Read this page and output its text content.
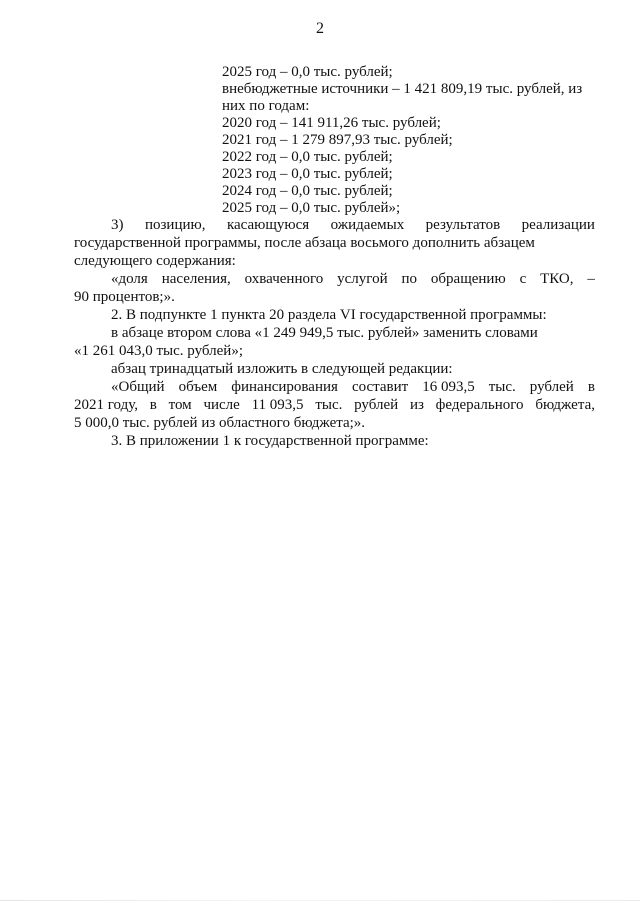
2
2025 год – 0,0 тыс. рублей;
внебюджетные источники – 1 421 809,19 тыс. рублей, из
них по годам:
2020 год – 141 911,26 тыс. рублей;
2021 год – 1 279 897,93 тыс. рублей;
2022 год – 0,0 тыс. рублей;
2023 год – 0,0 тыс. рублей;
2024 год – 0,0 тыс. рублей;
2025 год – 0,0 тыс. рублей»;
3) позицию, касающуюся ожидаемых результатов реализации
государственной программы, после абзаца восьмого дополнить абзацем
следующего содержания:
«доля населения, охваченного услугой по обращению с ТКО, –
90 процентов;».
2. В подпункте 1 пункта 20 раздела VI государственной программы:
в абзаце втором слова «1 249 949,5 тыс. рублей» заменить словами
«1 261 043,0 тыс. рублей»;
абзац тринадцатый изложить в следующей редакции:
«Общий объем финансирования составит 16 093,5 тыс. рублей в
2021 году, в том числе 11 093,5 тыс. рублей из федерального бюджета,
5 000,0 тыс. рублей из областного бюджета;».
3. В приложении 1 к государственной программе:
